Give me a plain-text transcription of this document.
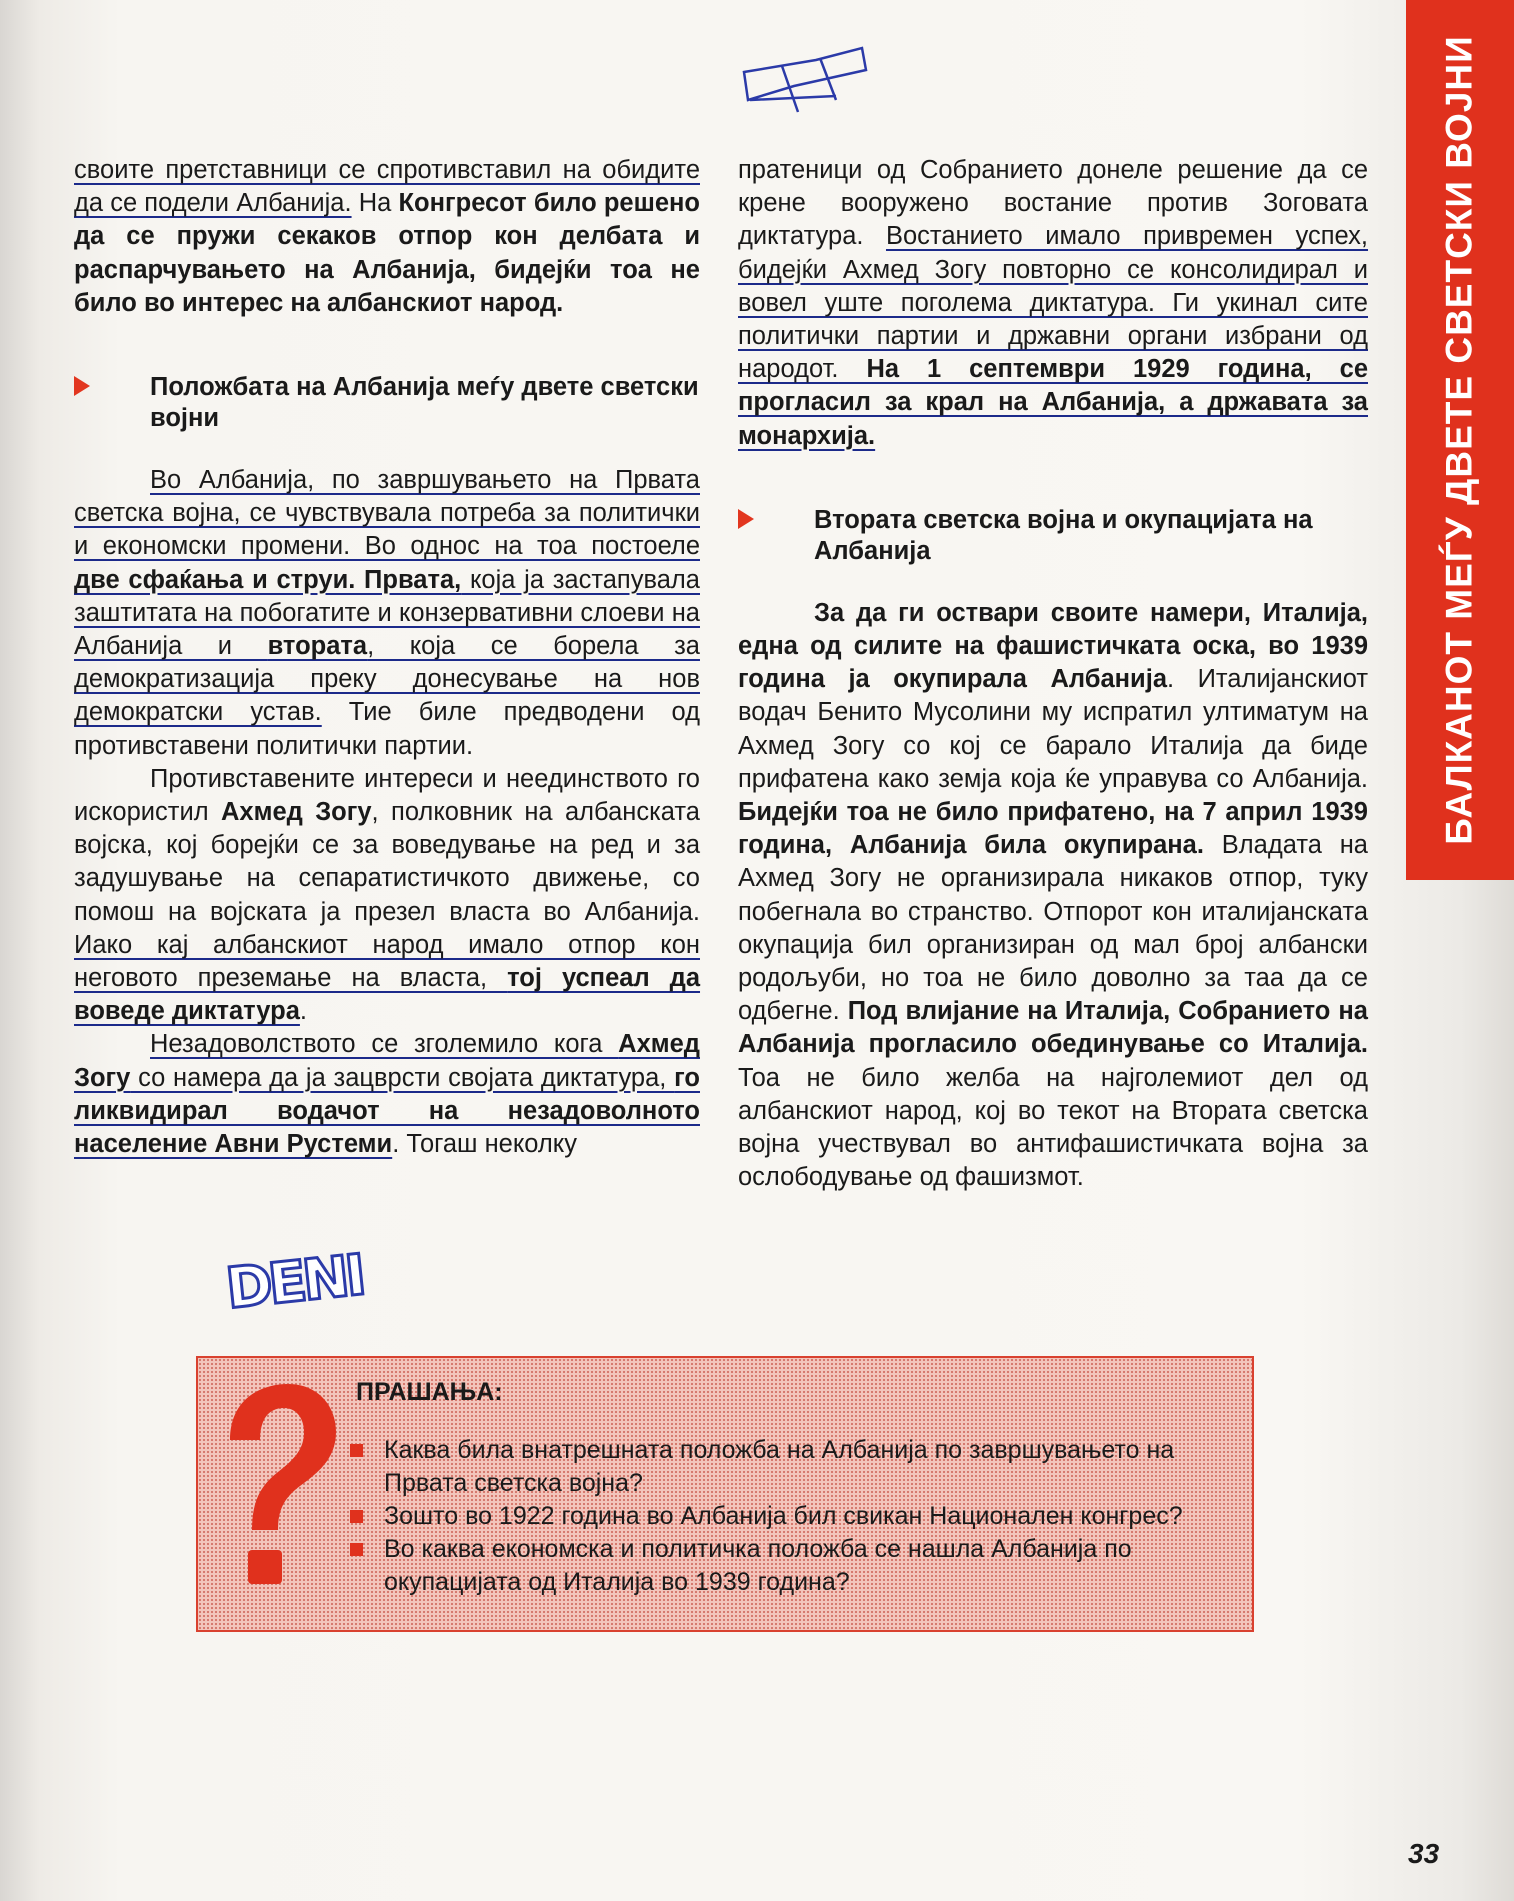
своите претставници се спротивставил на обидите да се подели Албанија. На Конгресот било решено да се пружи секаков отпор кон делбата и распарчувањето на Албанија, бидејќи тоа не било во интерес на албанскиот народ.

Положбата на Албанија меѓу двете светски војни

Во Албанија, по завршувањето на Првата светска војна, се чувствувала потреба за политички и економски промени. Во однос на тоа постоеле две сфаќања и струи. Првата, која ја застапувала заштитата на побогатите и конзервативни слоеви на Албанија и втората, која се борела за демократизација преку донесување на нов демократски устав. Тие биле предводени од противставени политички партии.

Противставените интереси и неединството го искористил Ахмед Зогу, полковник на албанската војска, кој борејќи се за воведување на ред и за задушување на сепаратистичкото движење, со помош на војската ја презел власта во Албанија. Иако кај албанскиот народ имало отпор кон неговото преземање на власта, тој успеал да воведе диктатура.

Незадоволството се зголемило кога Ахмед Зогу со намера да ја зацврсти својата диктатура, го ликвидирал водачот на незадоволното население Авни Рустеми. Тогаш неколку

пратеници од Собранието донеле решение да се крене вооружено востание против Зоговата диктатура. Востанието имало привремен успех, бидејќи Ахмед Зогу повторно се консолидирал и вовел уште поголема диктатура. Ги укинал сите политички партии и државни органи избрани од народот. На 1 септември 1929 година, се прогласил за крал на Албанија, а државата за монархија.

Втората светска војна и окупацијата на Албанија

За да ги оствари своите намери, Италија, една од силите на фашистичката оска, во 1939 година ја окупирала Албанија. Италијанскиот водач Бенито Мусолини му испратил ултиматум на Ахмед Зогу со кој се барало Италија да биде прифатена како земја која ќе управува со Албанија. Бидејќи тоа не било прифатено, на 7 април 1939 година, Албанија била окупирана. Владата на Ахмед Зогу не организирала никаков отпор, туку побегнала во странство. Отпорот кон италијанската окупација бил организиран од мал број албански родољуби, но тоа не било доволно за таа да се одбегне. Под влијание на Италија, Собранието на Албанија прогласило обединување со Италија. Тоа не било желба на најголемиот дел од албанскиот народ, кој во текот на Втората светска војна учествувал во антифашистичката војна за ослободување од фашизмот.

DENI
БАЛКАНОТ МЕЃУ ДВЕТЕ СВЕТСКИ ВОЈНИ
ПРАШАЊА:
Каква била внатрешната положба на Албанија по завршувањето на Првата светска војна?
Зошто во 1922 година во Албанија бил свикан Национален конгрес?
Во каква економска и политичка положба се нашла Албанија по окупацијата од Италија во 1939 година?
33
